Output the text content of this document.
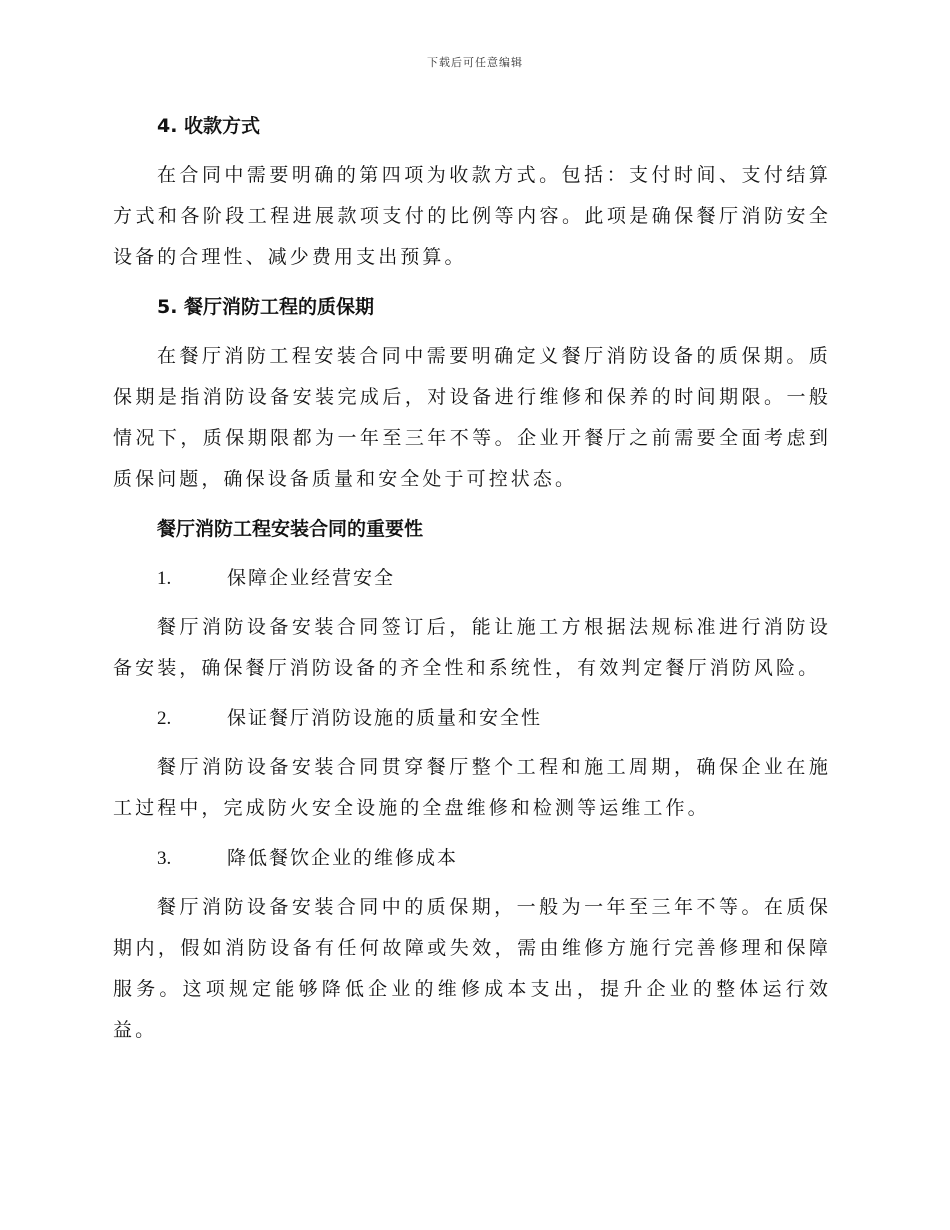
下载后可任意编辑
4. 收款方式

在合同中需要明确的第四项为收款方式。包括：支付时间、支付结算方式和各阶段工程进展款项支付的比例等内容。此项是确保餐厅消防安全设备的合理性、减少费用支出预算。

5. 餐厅消防工程的质保期

在餐厅消防工程安装合同中需要明确定义餐厅消防设备的质保期。质保期是指消防设备安装完成后，对设备进行维修和保养的时间期限。一般情况下，质保期限都为一年至三年不等。企业开餐厅之前需要全面考虑到质保问题，确保设备质量和安全处于可控状态。

餐厅消防工程安装合同的重要性
1.	保障企业经营安全

餐厅消防设备安装合同签订后，能让施工方根据法规标准进行消防设备安装，确保餐厅消防设备的齐全性和系统性，有效判定餐厅消防风险。

2.	保证餐厅消防设施的质量和安全性

餐厅消防设备安装合同贯穿餐厅整个工程和施工周期，确保企业在施工过程中，完成防火安全设施的全盘维修和检测等运维工作。

3.	降低餐饮企业的维修成本

餐厅消防设备安装合同中的质保期，一般为一年至三年不等。在质保期内，假如消防设备有任何故障或失效，需由维修方施行完善修理和保障服务。这项规定能够降低企业的维修成本支出，提升企业的整体运行效益。
